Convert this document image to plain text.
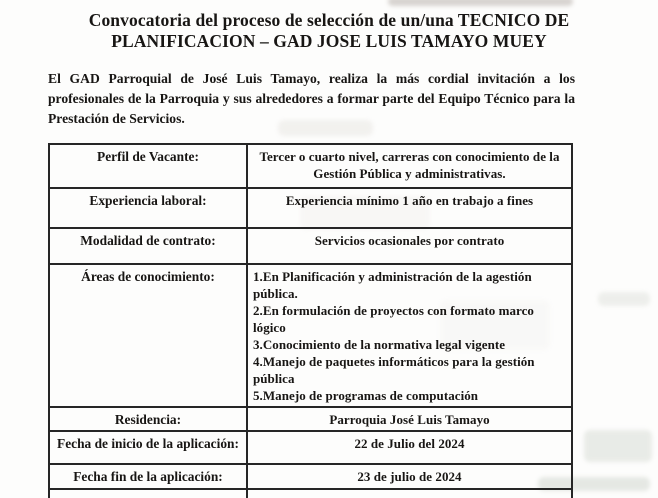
Convocatoria del proceso de selección de un/una TECNICO DE
PLANIFICACION – GAD JOSE LUIS TAMAYO MUEY

El GAD Parroquial de José Luis Tamayo, realiza la más cordial invitación a los profesionales de la Parroquia y sus alrededores a formar parte del Equipo Técnico para la Prestación de Servicios.

Perfil de Vacante:	Tercer o cuarto nivel, carreras con conocimiento de la Gestión Pública y administrativas.
Experiencia laboral:	Experiencia mínimo 1 año en trabajo a fines
Modalidad de contrato:	Servicios ocasionales por contrato
Áreas de conocimiento:	1.En Planificación y administración de la agestión pública.
2.En formulación de proyectos con formato marco lógico
3.Conocimiento de la normativa legal vigente
4.Manejo de paquetes informáticos para la gestión pública
5.Manejo de programas de computación

Residencia:	Parroquia José Luis Tamayo
Fecha de inicio de la aplicación:	22 de Julio del 2024
Fecha fin de la aplicación:	23 de julio de 2024
